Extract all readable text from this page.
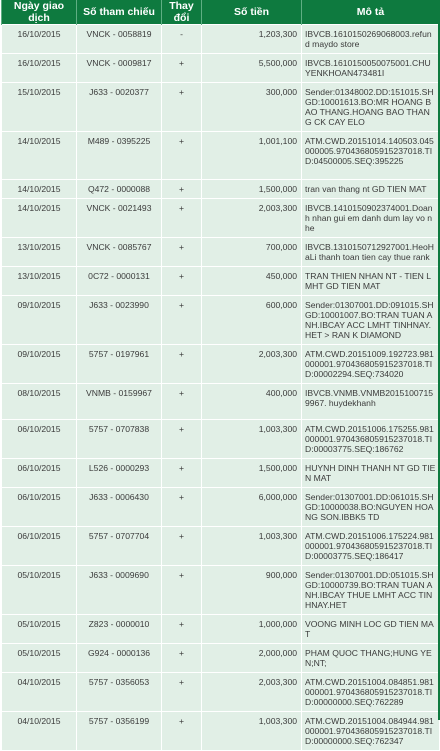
Ngày giao dịch	Số tham chiếu	Thay đổi	Số tiền	Mô tả
16/10/2015	VNCK - 0058819	-	1,203,300	IBVCB.1610150269068003.refund maydo store
16/10/2015	VNCK - 0009817	+	5,500,000	IBVCB.1610150050075001.CHUYENKHOAN473481I
15/10/2015	J633 - 0020377	+	300,000	Sender:01348002.DD:151015.SHGD:10001613.BO:MR HOANG BAO THANG.HOANG BAO THANG CK CAY ELO
14/10/2015	M489 - 0395225	+	1,001,100	ATM.CWD.20151014.140503.045000005.970436805915237018.TID:04500005.SEQ:395225
14/10/2015	Q472 - 0000088	+	1,500,000	tran van thang nt GD TIEN MAT
14/10/2015	VNCK - 0021493	+	2,003,300	IBVCB.1410150902374001.Doanh nhan gui em danh dum lay vo nhe
13/10/2015	VNCK - 0085767	+	700,000	IBVCB.1310150712927001.HeoHaLi thanh toan tien cay thue rank
13/10/2015	0C72 - 0000131	+	450,000	TRAN THIEN NHAN NT - TIEN LMHT GD TIEN MAT
09/10/2015	J633 - 0023990	+	600,000	Sender:01307001.DD:091015.SHGD:10001007.BO:TRAN TUAN ANH.IBCAY ACC LMHT TINHNAY.HET > RAN K DIAMOND
09/10/2015	5757 - 0197961	+	2,003,300	ATM.CWD.20151009.192723.981000001.970436805915237018.TID:00002294.SEQ:734020
08/10/2015	VNMB - 0159967	+	400,000	IBVCB.VNMB.VNMB20151007159967. huydekhanh
06/10/2015	5757 - 0707838	+	1,003,300	ATM.CWD.20151006.175255.981000001.970436805915237018.TID:00003775.SEQ:186762
06/10/2015	L526 - 0000293	+	1,500,000	HUYNH DINH THANH NT GD TIEN MAT
06/10/2015	J633 - 0006430	+	6,000,000	Sender:01307001.DD:061015.SHGD:10000038.BO:NGUYEN HOANG SON.IBBK5 TD
06/10/2015	5757 - 0707704	+	1,003,300	ATM.CWD.20151006.175224.981000001.970436805915237018.TID:00003775.SEQ:186417
05/10/2015	J633 - 0009690	+	900,000	Sender:01307001.DD:051015.SHGD:10000739.BO:TRAN TUAN ANH.IBCAY THUE LMHT ACC TINHNAY.HET
05/10/2015	Z823 - 0000010	+	1,000,000	VOONG MINH LOC GD TIEN MAT
05/10/2015	G924 - 0000136	+	2,000,000	PHAM QUOC THANG;HUNG YEN;NT;
04/10/2015	5757 - 0356053	+	2,003,300	ATM.CWD.20151004.084851.981000001.970436805915237018.TID:00000000.SEQ:762289
04/10/2015	5757 - 0356199	+	1,003,300	ATM.CWD.20151004.084944.981000001.970436805915237018.TID:00000000.SEQ:762347
